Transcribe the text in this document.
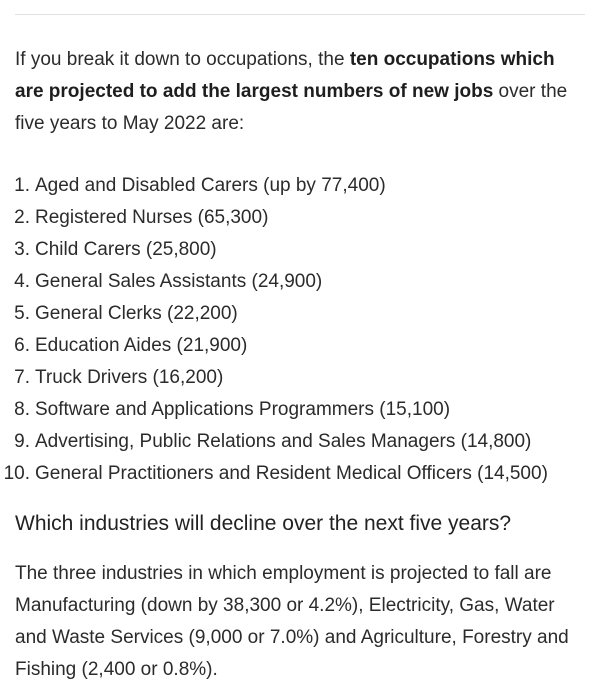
If you break it down to occupations, the ten occupations which are projected to add the largest numbers of new jobs over the five years to May 2022 are:

1. Aged and Disabled Carers (up by 77,400)
2. Registered Nurses (65,300)
3. Child Carers (25,800)
4. General Sales Assistants (24,900)
5. General Clerks (22,200)
6. Education Aides (21,900)
7. Truck Drivers (16,200)
8. Software and Applications Programmers (15,100)
9. Advertising, Public Relations and Sales Managers (14,800)
10. General Practitioners and Resident Medical Officers (14,500)
Which industries will decline over the next five years?

The three industries in which employment is projected to fall are Manufacturing (down by 38,300 or 4.2%), Electricity, Gas, Water and Waste Services (9,000 or 7.0%) and Agriculture, Forestry and Fishing (2,400 or 0.8%).
